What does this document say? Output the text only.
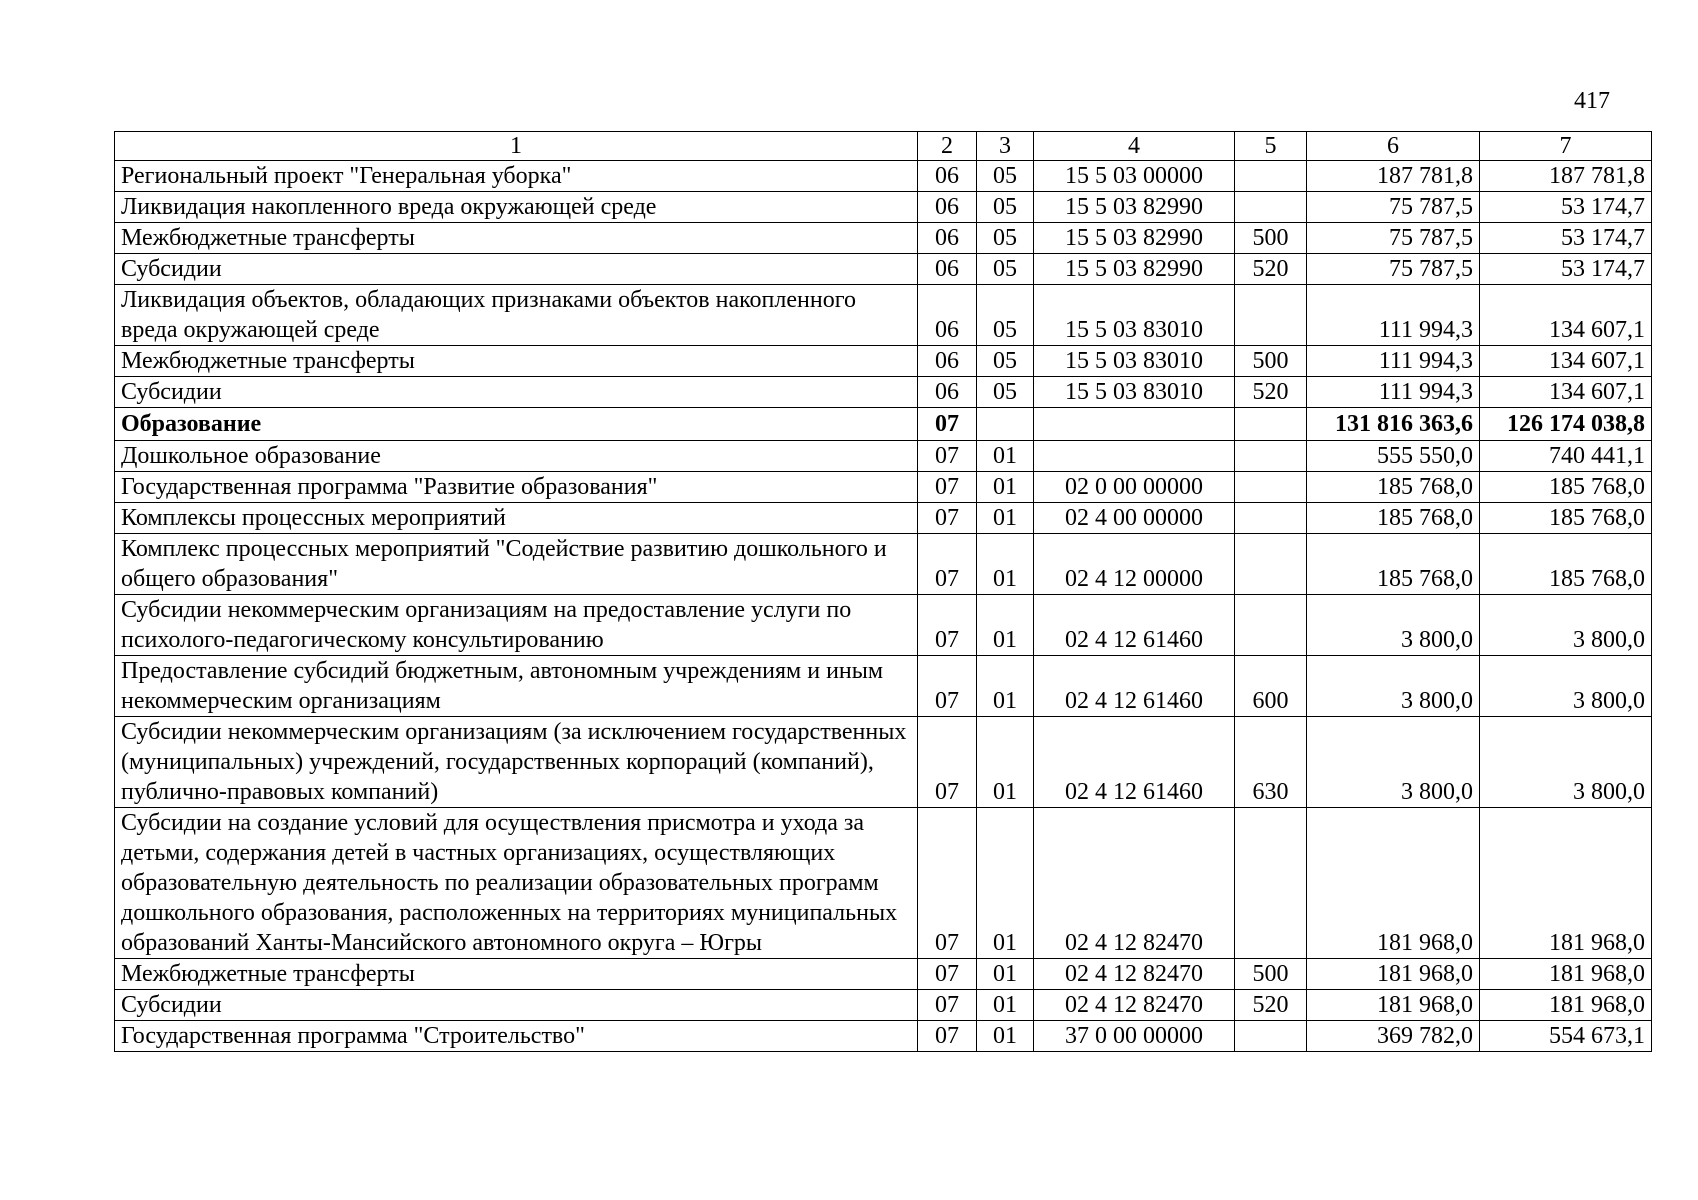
417
1	2	3	4	5	6	7
Региональный проект "Генеральная уборка"	06	05	15 5 03 00000		187 781,8	187 781,8
Ликвидация накопленного вреда окружающей среде	06	05	15 5 03 82990		75 787,5	53 174,7
Межбюджетные трансферты	06	05	15 5 03 82990	500	75 787,5	53 174,7
Субсидии	06	05	15 5 03 82990	520	75 787,5	53 174,7
Ликвидация объектов, обладающих признаками объектов накопленного вреда окружающей среде	06	05	15 5 03 83010		111 994,3	134 607,1
Межбюджетные трансферты	06	05	15 5 03 83010	500	111 994,3	134 607,1
Субсидии	06	05	15 5 03 83010	520	111 994,3	134 607,1
Образование	07				131 816 363,6	126 174 038,8
Дошкольное образование	07	01			555 550,0	740 441,1
Государственная программа "Развитие образования"	07	01	02 0 00 00000		185 768,0	185 768,0
Комплексы процессных мероприятий	07	01	02 4 00 00000		185 768,0	185 768,0
Комплекс процессных мероприятий "Содействие развитию дошкольного и общего образования"	07	01	02 4 12 00000		185 768,0	185 768,0
Субсидии некоммерческим организациям на предоставление услуги по психолого-педагогическому консультированию	07	01	02 4 12 61460		3 800,0	3 800,0
Предоставление субсидий бюджетным, автономным учреждениям и иным некоммерческим организациям	07	01	02 4 12 61460	600	3 800,0	3 800,0
Субсидии некоммерческим организациям (за исключением государственных (муниципальных) учреждений, государственных корпораций (компаний), публично-правовых компаний)	07	01	02 4 12 61460	630	3 800,0	3 800,0
Субсидии на создание условий для осуществления присмотра и ухода за детьми, содержания детей в частных организациях, осуществляющих образовательную деятельность по реализации образовательных программ дошкольного образования, расположенных на территориях муниципальных образований Ханты-Мансийского автономного округа – Югры	07	01	02 4 12 82470		181 968,0	181 968,0
Межбюджетные трансферты	07	01	02 4 12 82470	500	181 968,0	181 968,0
Субсидии	07	01	02 4 12 82470	520	181 968,0	181 968,0
Государственная программа "Строительство"	07	01	37 0 00 00000		369 782,0	554 673,1
